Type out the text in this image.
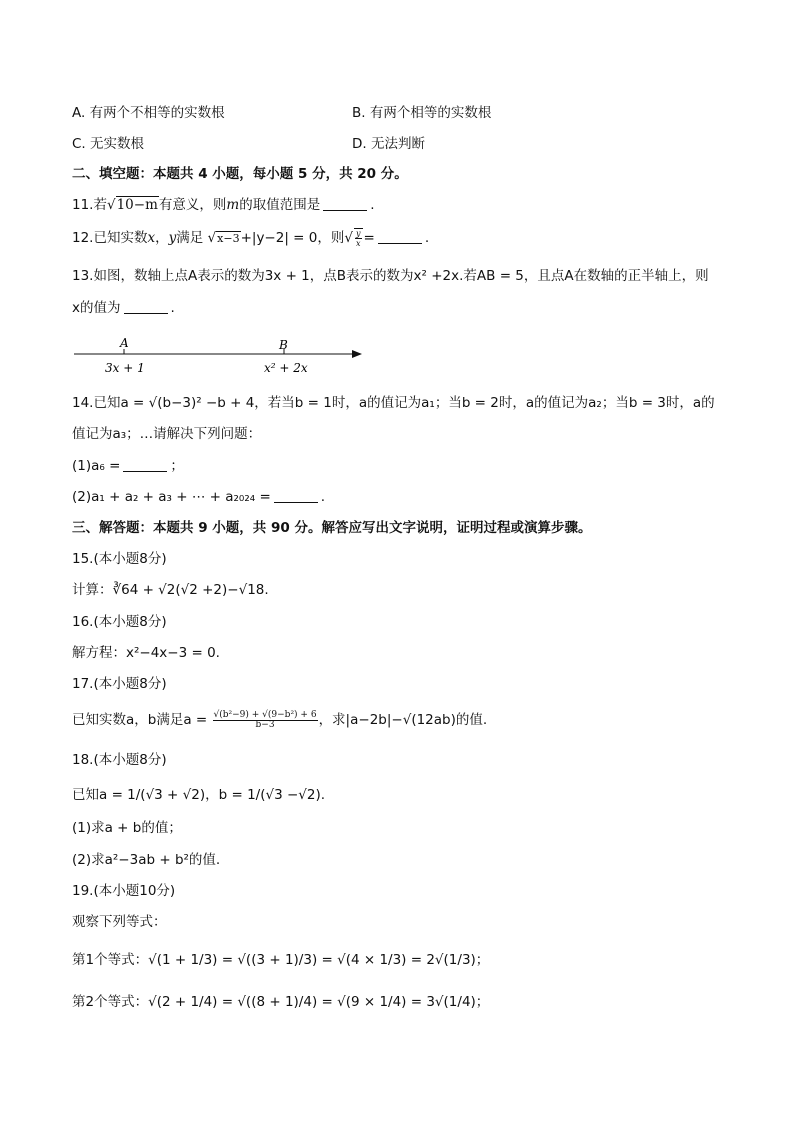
A. 有两个不相等的实数根	B. 有两个相等的实数根
C. 无实数根	D. 无法判断
二、填空题：本题共 4 小题，每小题 5 分，共 20 分。
11.若√10−m有意义，则m的取值范围是	.
12.已知实数x，y满足 √x−3+|y−2| = 0，则√ $\frac{y}{x}$ =	.
13.如图，数轴上点A表示的数为3x + 1，点B表示的数为x² +2x.若AB = 5，且点A在数轴的正半轴上，则
x的值为	.
A	B
3x + 1	x² + 2x
14.已知a = √(b−3)² −b + 4，若当b = 1时，a的值记为a₁；当b = 2时，a的值记为a₂；当b = 3时，a的
值记为a₃；…请解决下列问题：
(1)a₆ =	；
(2)a₁ + a₂ + a₃ + ⋯ + a₂₀₂₄ =	.
三、解答题：本题共 9 小题，共 90 分。解答应写出文字说明，证明过程或演算步骤。
15.(本小题8分)
计算：∛64 + √2(√2 +2)−√18.
16.(本小题8分)
解方程：x²−4x−3 = 0.
17.(本小题8分)
已知实数a，b满足$a = \frac{\text{√(b²−9) + √(9−b²) + 6}}{b-3}$ ，求|a−2b|−√(12ab)的值.
18.(本小题8分)
已知a = 1/(√3 + √2)，b = 1/(√3 −√2).
(1)求a + b的值；
(2)求a²−3ab + b²的值.
19.(本小题10分)
观察下列等式：
第1个等式：√(1 + 1/3) = √((3 + 1)/3) = √(4 × 1/3) = 2√(1/3)；
第2个等式：√(2 + 1/4) = √((8 + 1)/4) = √(9 × 1/4) = 3√(1/4)；
